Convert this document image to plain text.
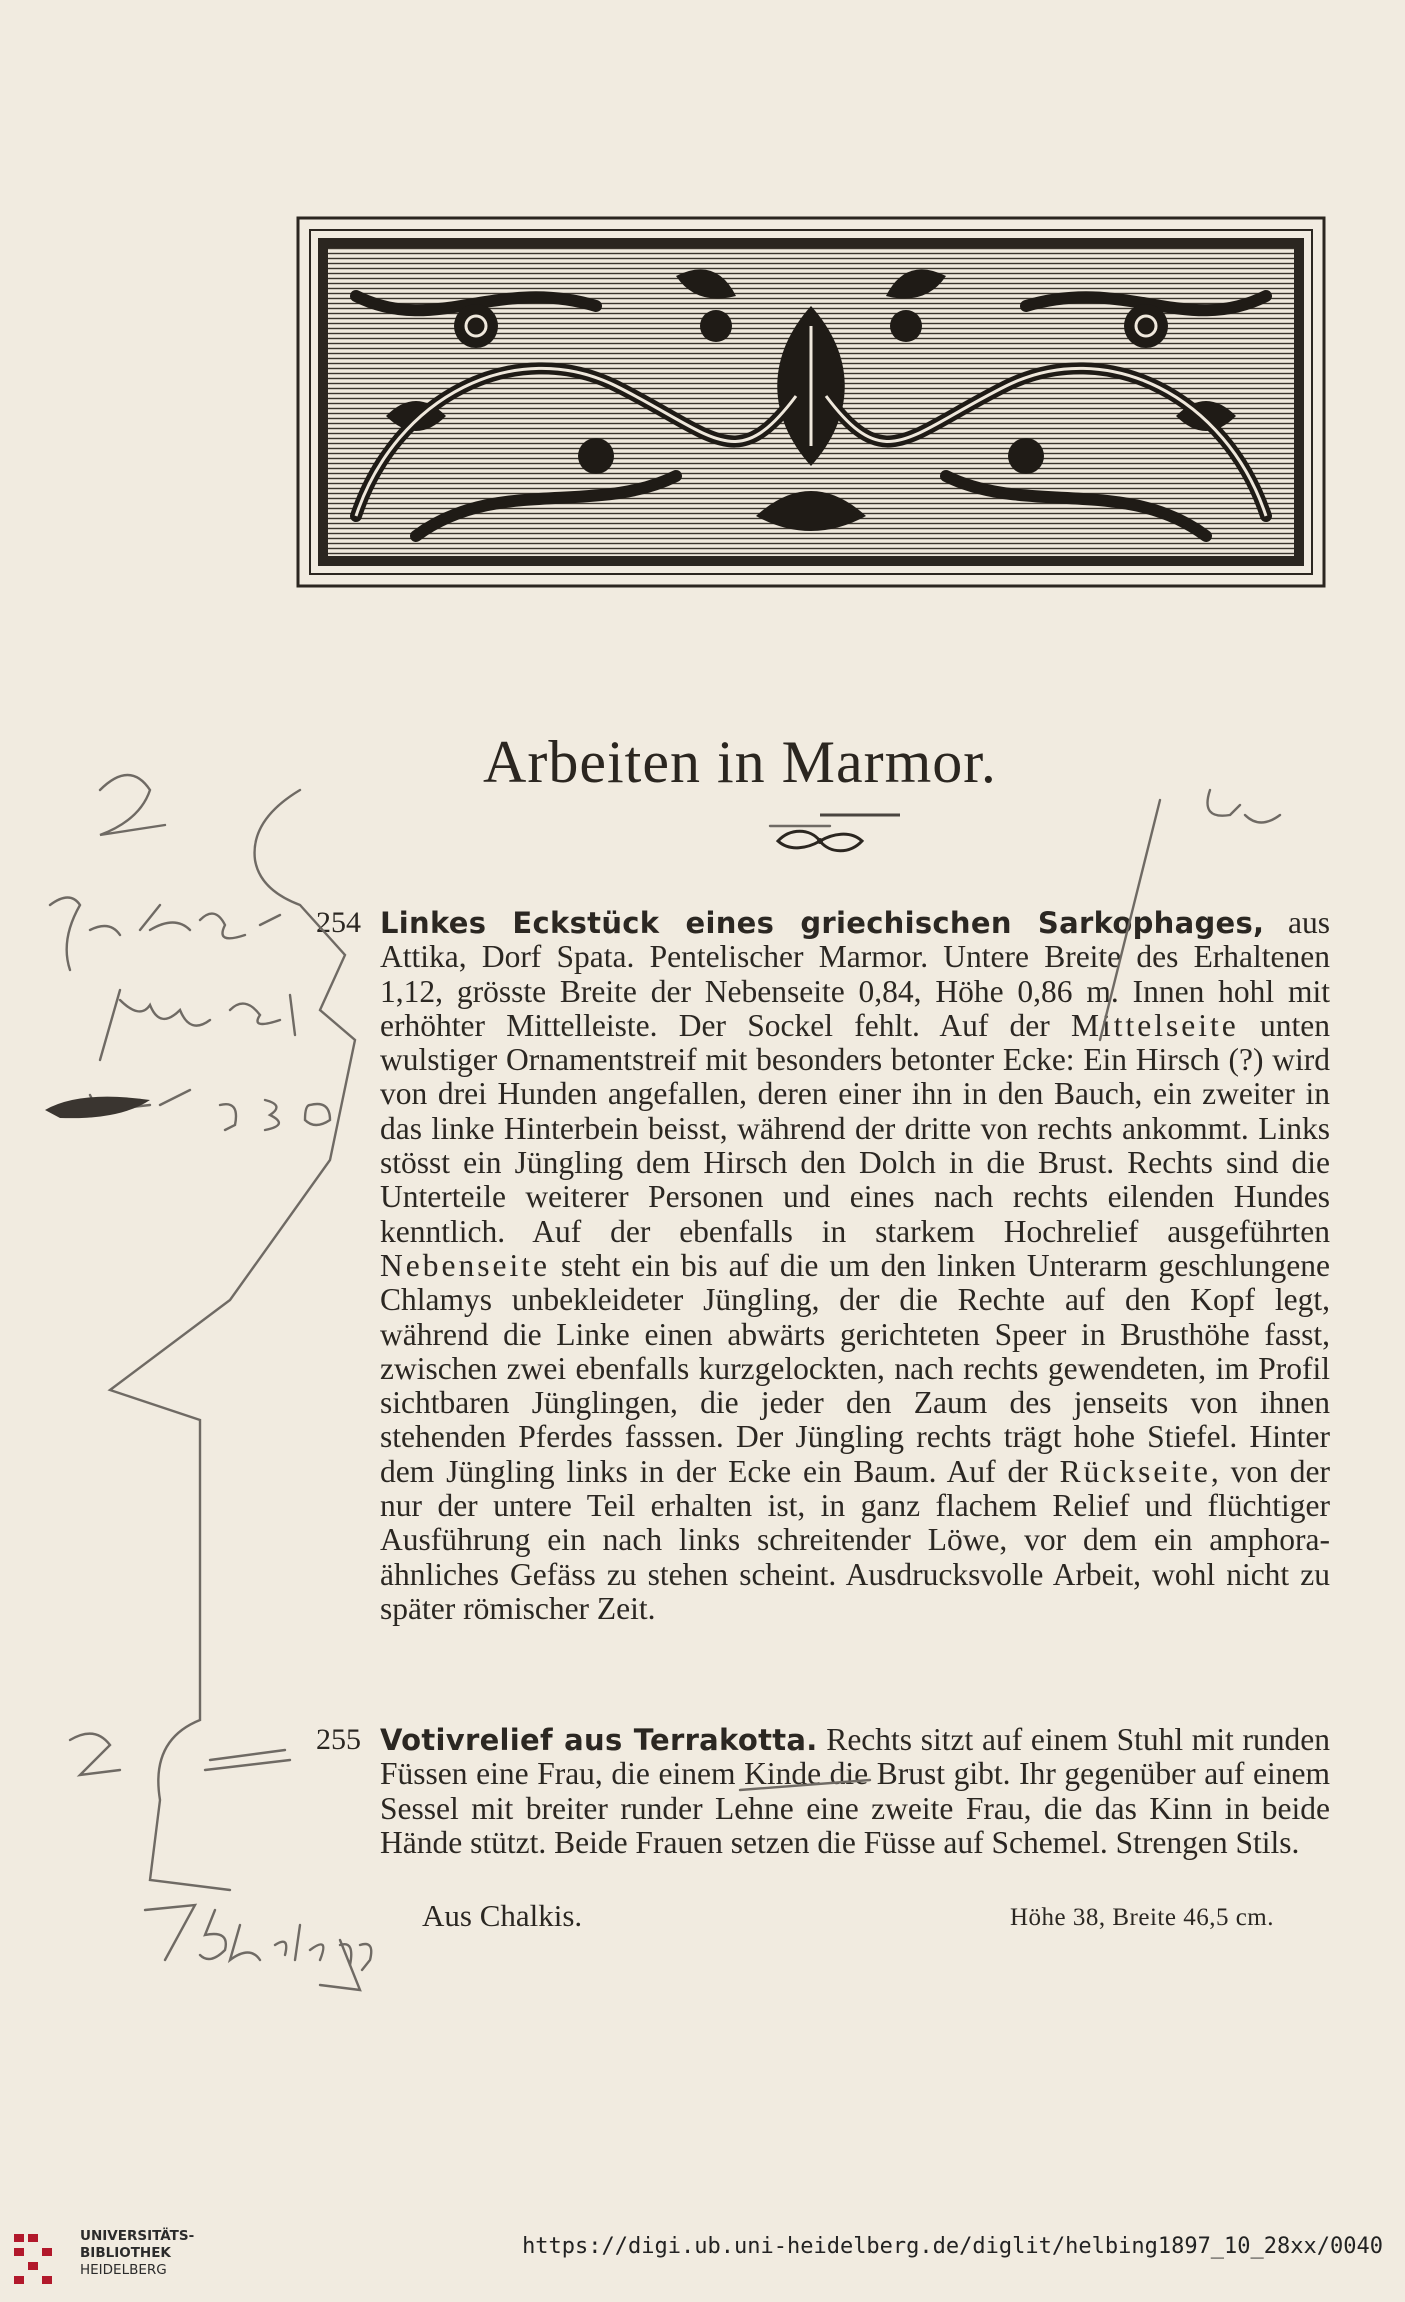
Arbeiten in Marmor.
254 Linkes Eckstück eines griechischen Sarkophages, aus Attika, Dorf Spata. Pentelischer Marmor. Untere Breite des Erhaltenen 1,12, grösste Breite der Nebenseite 0,84, Höhe 0,86 m. Innen hohl mit erhöhter Mittelleiste. Der Sockel fehlt. Auf der Mittelseite unten wulstiger Ornamentstreif mit besonders betonter Ecke: Ein Hirsch (?) wird von drei Hunden angefallen, deren einer ihn in den Bauch, ein zweiter in das linke Hinterbein beisst, während der dritte von rechts ankommt. Links stösst ein Jüngling dem Hirsch den Dolch in die Brust. Rechts sind die Unterteile weiterer Personen und eines nach rechts eilenden Hundes kenntlich. Auf der ebenfalls in starkem Hochrelief ausgeführten Nebenseite steht ein bis auf die um den linken Unterarm geschlungene Chlamys unbekleideter Jüngling, der die Rechte auf den Kopf legt, während die Linke einen abwärts gerichteten Speer in Brusthöhe fasst, zwischen zwei ebenfalls kurzgelockten, nach rechts gewendeten, im Profil sichtbaren Jünglingen, die jeder den Zaum des jenseits von ihnen stehenden Pferdes fasssen. Der Jüngling rechts trägt hohe Stiefel. Hinter dem Jüngling links in der Ecke ein Baum. Auf der Rückseite, von der nur der untere Teil erhalten ist, in ganz flachem Relief und flüchtiger Ausführung ein nach links schreitender Löwe, vor dem ein amphora-ähnliches Gefäss zu stehen scheint. Ausdrucksvolle Arbeit, wohl nicht zu später römischer Zeit.

255 Votivrelief aus Terrakotta. Rechts sitzt auf einem Stuhl mit runden Füssen eine Frau, die einem Kinde die Brust gibt. Ihr gegenüber auf einem Sessel mit breiter runder Lehne eine zweite Frau, die das Kinn in beide Hände stützt. Beide Frauen setzen die Füsse auf Schemel. Strengen Stils.

Aus Chalkis.	Höhe 38, Breite 46,5 cm.
UNIVERSITÄTS-
BIBLIOTHEK
HEIDELBERG
https://digi.ub.uni-heidelberg.de/diglit/helbing1897_10_28xx/0040
